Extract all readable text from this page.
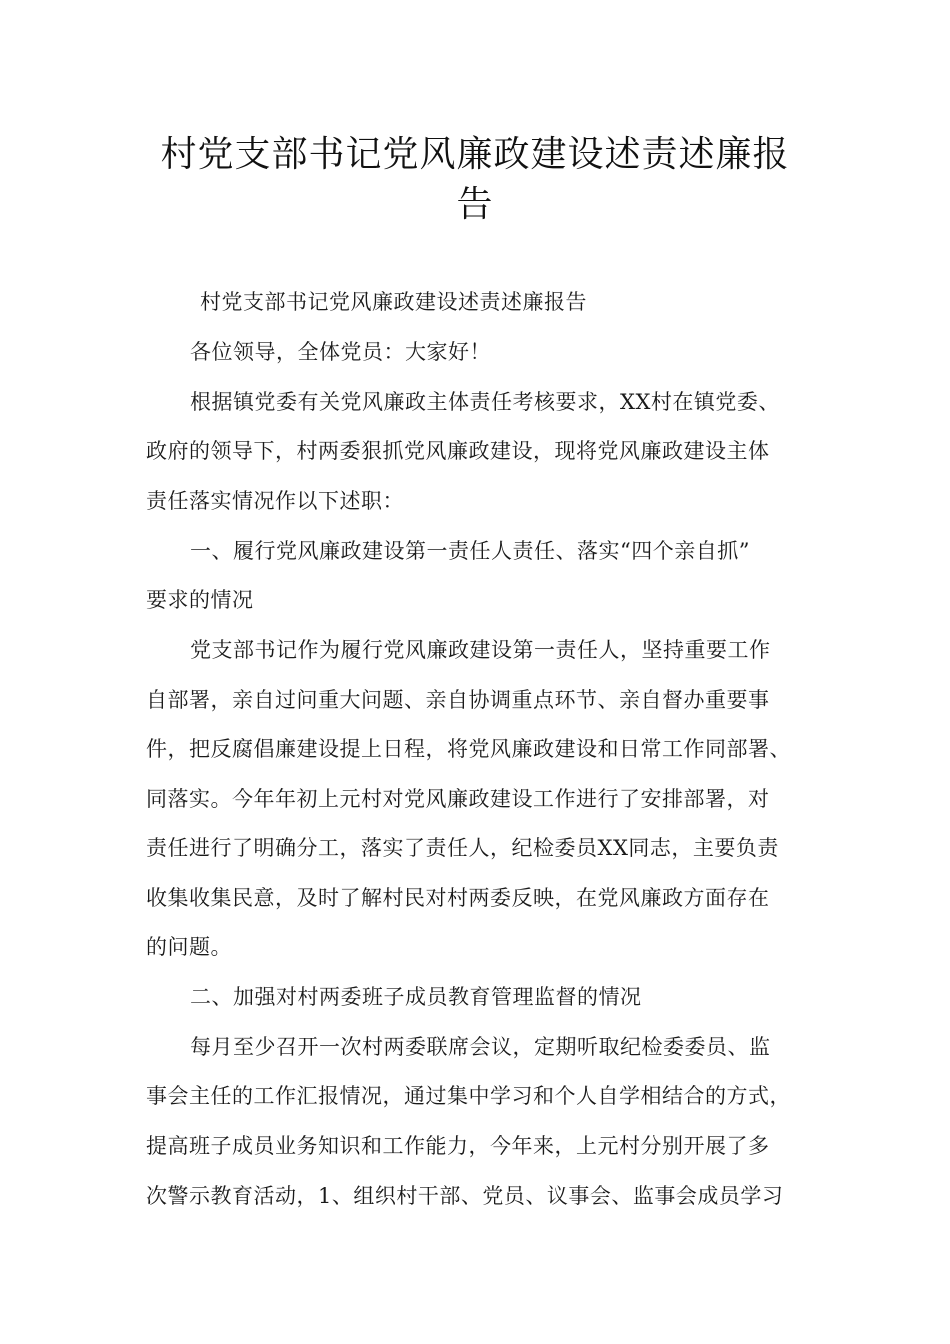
村党支部书记党风廉政建设述责述廉报
告
村党支部书记党风廉政建设述责述廉报告
各位领导，全体党员：大家好！
根据镇党委有关党风廉政主体责任考核要求，XX村在镇党委、
政府的领导下，村两委狠抓党风廉政建设，现将党风廉政建设主体
责任落实情况作以下述职：
一、履行党风廉政建设第一责任人责任、落实“四个亲自抓”
要求的情况
党支部书记作为履行党风廉政建设第一责任人，坚持重要工作
自部署，亲自过问重大问题、亲自协调重点环节、亲自督办重要事
件，把反腐倡廉建设提上日程，将党风廉政建设和日常工作同部署、
同落实。今年年初上元村对党风廉政建设工作进行了安排部署，对
责任进行了明确分工，落实了责任人，纪检委员XX同志，主要负责
收集收集民意，及时了解村民对村两委反映，在党风廉政方面存在
的问题。
二、加强对村两委班子成员教育管理监督的情况
每月至少召开一次村两委联席会议，定期听取纪检委委员、监
事会主任的工作汇报情况，通过集中学习和个人自学相结合的方式，
提高班子成员业务知识和工作能力，今年来，上元村分别开展了多
次警示教育活动，1、组织村干部、党员、议事会、监事会成员学习
